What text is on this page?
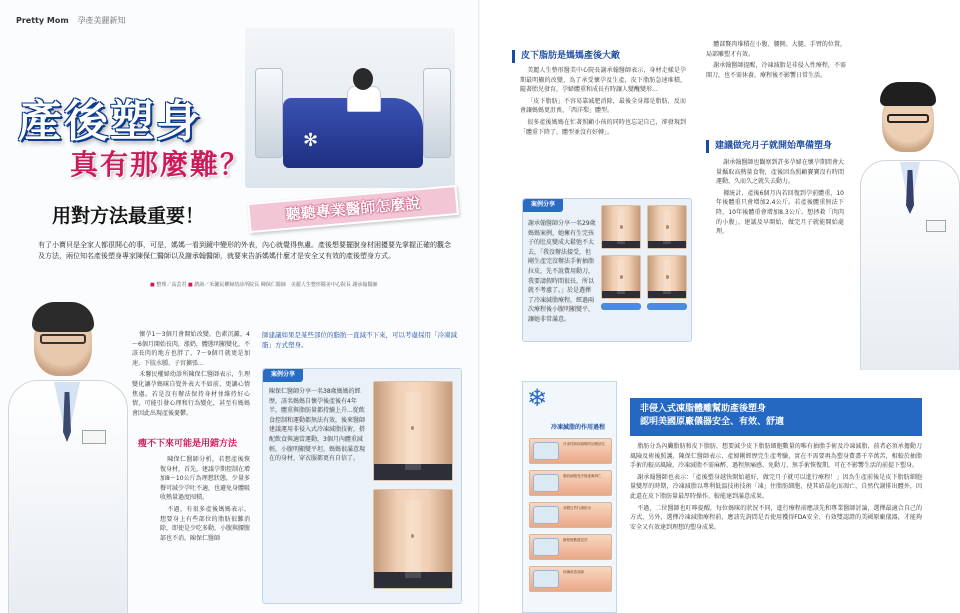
Pretty Mom 孕產美麗新知
✻
產後塑身
真有那麼難？
用對方法最重要！	聽聽專業醫師怎麼說
有了小寶貝是全家人都很開心的事，可是，媽媽一看到鏡中變形的外表，內心就覺得焦慮。產後想要擺脫身材困擾要先掌握正確的觀念及方法，兩位知名產後塑身專家陳保仁醫師以及謝承翰醫師，就要來告訴媽媽什麼才是安全又有效的產後塑身方式。
■ 整理／高芸君 ■ 諮詢／禾馨民權婦幼診所院長 陳保仁醫師　美麗人生整形醫美中心院長 謝承翰醫師

懷孕1～3個月會開始改變，色素沉澱，4～6個月開始長肉，漲奶，體態明顯變化，不該長肉的地方也胖了，7～9個月就更是加速、下肢水腫、子宮擴張...

禾馨民權婦幼診所陳保仁醫師表示，生理變化讓孕媽咪自覺外表大不如前，更讓心情焦慮。若是沒有辦法保持身材並維持好心情，可能引發心理和行為變化，甚至有媽媽會因此出現產後憂鬱。

瘦不下來可能是用錯方法

陳保仁醫師分析，若想產後恢復身材，首先，建議孕期控制在增加8～10公斤為理想狀態，少量多餐可減少孕吐不適，也避免身體吸收熱量過度囤積。

不過，有很多產後媽媽表示，想要身上有些部位的脂肪很難消除，即使是少吃多動，小腹與腰腹部也不消。陳保仁醫師

師建議如果是某些部位的脂肪一直減不下來，可以考慮採用「冷凍減脂」方式塑身。
案例分享
陳保仁醫師分享一名38歲媽媽的經歷，該名媽媽自懷孕後產後有4年半，體重與脂肪量都持續上升...從飲食控制和運動都無法有效，後來醫師建議運用非侵入式冷凍減脂技術，搭配飲食與適當運動，3個月內體重減輕，小腹明顯變平坦，媽媽很滿意現在的身材，穿衣服都更有自信了。
皮下脂肪是媽媽產後大敵

美麗人生整形醫美中心院長謝承翰醫師表示，身材走樣是孕期最明顯的改變，為了承受懷孕及生產，皮下脂肪急速堆積，隨著胎兒發育，孕婦體重和成長有時讓人變醜變形...

「皮下脂肪」不容易靠減肥消除，最後全身都是脂肪，反而會讓媽媽更沮喪，「西洋梨」體型。

很多產後媽媽在忙著照顧小孩的同時也忘記自己，卻發現到「體重下降了，體型並沒有好轉」。

案例分享
謝承翰醫師分享一名29歲媽媽案例，她擁有生完孩子的肚皮變成大鬆弛不太去，「我沒辦法接受，但剛生產完沒辦法手術抽脂拉皮，先不說費用動刀，我要請假時間很長，所以就不考慮了。」於是選擇了冷凍減脂療程，經過兩次療程後小腹明顯變平，讓她非常滿意。

體部贅肉堆積在小腹、腰側、大腿、手臂的位置，局部雕塑才有效。

謝承翰醫師提醒，冷凍減脂是非侵入性療程，不需開刀，也不需休養，療程後不影響日常生活。

建議做完月子就開始準備塑身

謝承翰醫師也觀察到許多孕婦在懷孕期間會大量攝取高熱量食物，產後因為照顧寶寶沒有時間運動，久而久之就失去動力。

據統計，產後6個月內若回復到孕前體重，10年後體重只會增加2.4公斤。若產後體重無法下降，10年後體重會增加8.3公斤。想拯救「肉肉的小腹」，建議及早開始，做完月子就能開始處理。

非侵入式凍脂體雕幫助產後塑身
認明美國原廠儀器安全、有效、舒適
❄
冷凍減脂的作用過程
冷卻控制探頭吸附治療部位
脂肪細胞受冷後逐漸凋亡
身體自然代謝排出
療程後數週見效
持續改善曲線

脂肪分為內臟脂肪和皮下脂肪，想要減少皮下脂肪細胞數量的唯有抽脂手術及冷凍減脂，前者必須承擔動刀風險及術後照護，陳保仁醫師表示，產婦剛經歷完生產考驗，實在不需要再為塑身費盡千辛萬苦，相較於抽脂手術的較高風險，冷凍減脂不需麻醉、過程無痛感、免動刀、無手術恢復期，可在不影響生活的前提下塑身。

謝承翰醫師也表示：「產後塑身越快開始越好，做完月子就可以進行療程！」因為生產前後是皮下脂肪細胞量變厚的時期，冷凍減脂以專利低溫技術技術「凍」住脂肪細胞，使其結晶化而凋亡，自然代謝排出體外，因此還在皮下脂肪量最厚時操作，較能達到滿意成果。

不過，二位醫師也叮嚀提醒，每位媽咪的狀況不同，進行療程前應該先和專業醫師討論，選擇最適合自己的方式，另外，選擇冷凍減脂療程前，應該先詢問是否使用獲得FDA安全、有效雙認證的美國原廠儀器，才能夠安全又有效達到理想的塑身成果。
